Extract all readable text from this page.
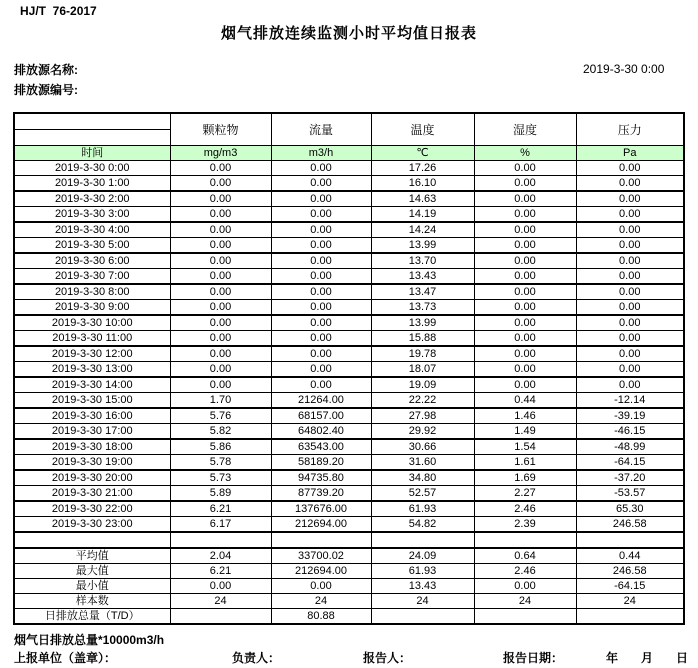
HJ/T  76-2017
烟气排放连续监测小时平均值日报表
排放源名称:
排放源编号:
2019-3-30 0:00
	颗粒物	流量	温度	湿度	压力

时间	mg/m3	m3/h	℃	%	Pa
2019-3-30 0:00	0.00	0.00	17.26	0.00	0.00
2019-3-30 1:00	0.00	0.00	16.10	0.00	0.00
2019-3-30 2:00	0.00	0.00	14.63	0.00	0.00
2019-3-30 3:00	0.00	0.00	14.19	0.00	0.00
2019-3-30 4:00	0.00	0.00	14.24	0.00	0.00
2019-3-30 5:00	0.00	0.00	13.99	0.00	0.00
2019-3-30 6:00	0.00	0.00	13.70	0.00	0.00
2019-3-30 7:00	0.00	0.00	13.43	0.00	0.00
2019-3-30 8:00	0.00	0.00	13.47	0.00	0.00
2019-3-30 9:00	0.00	0.00	13.73	0.00	0.00
2019-3-30 10:00	0.00	0.00	13.99	0.00	0.00
2019-3-30 11:00	0.00	0.00	15.88	0.00	0.00
2019-3-30 12:00	0.00	0.00	19.78	0.00	0.00
2019-3-30 13:00	0.00	0.00	18.07	0.00	0.00
2019-3-30 14:00	0.00	0.00	19.09	0.00	0.00
2019-3-30 15:00	1.70	21264.00	22.22	0.44	-12.14
2019-3-30 16:00	5.76	68157.00	27.98	1.46	-39.19
2019-3-30 17:00	5.82	64802.40	29.92	1.49	-46.15
2019-3-30 18:00	5.86	63543.00	30.66	1.54	-48.99
2019-3-30 19:00	5.78	58189.20	31.60	1.61	-64.15
2019-3-30 20:00	5.73	94735.80	34.80	1.69	-37.20
2019-3-30 21:00	5.89	87739.20	52.57	2.27	-53.57
2019-3-30 22:00	6.21	137676.00	61.93	2.46	65.30
2019-3-30 23:00	6.17	212694.00	54.82	2.39	246.58

平均值	2.04	33700.02	24.09	0.64	0.44
最大值	6.21	212694.00	61.93	2.46	246.58
最小值	0.00	0.00	13.43	0.00	-64.15
样本数	24	24	24	24	24
日排放总量（T/D）		80.88			
烟气日排放总量*10000m3/h
上报单位（盖章）：	负责人：	报告人：	报告日期：	年 月 日
